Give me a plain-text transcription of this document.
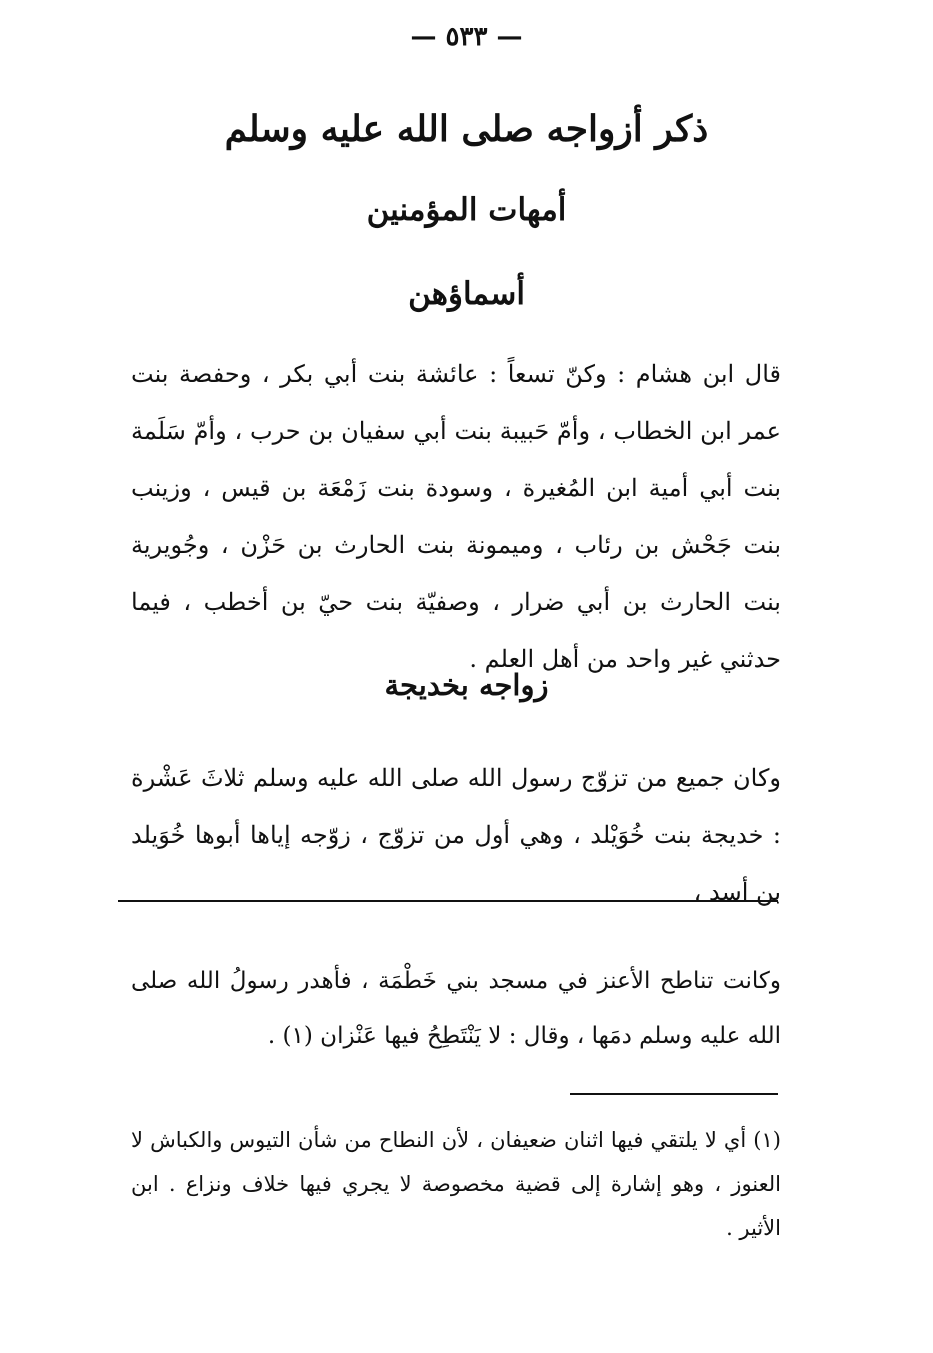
— ٥٣٣ —
ذكر أزواجه صلى الله عليه وسلم
أمهات المؤمنين
أسماؤهن
قال ابن هشام : وكنّ تسعاً : عائشة بنت أبي بكر ، وحفصة بنت عمر ابن الخطاب ، وأمّ حَبيبة بنت أبي سفيان بن حرب ، وأمّ سَلَمة بنت أبي أمية ابن المُغيرة ، وسودة بنت زَمْعَة بن قيس ، وزينب بنت جَحْش بن رئاب ، وميمونة بنت الحارث بن حَزْن ، وجُويرية بنت الحارث بن أبي ضرار ، وصفيّة بنت حيّ بن أخطب ، فيما حدثني غير واحد من أهل العلم .
زواجه بخديجة
وكان جميع من تزوّج رسول الله صلى الله عليه وسلم ثلاثَ عَشْرة : خديجة بنت خُوَيْلد ، وهي أول من تزوّج ، زوّجه إياها أبوها خُوَيلد بن أسد ،
وكانت تناطح الأعنز في مسجد بني خَطْمَة ، فأهدر رسولُ الله صلى الله عليه وسلم دمَها ، وقال : لا يَنْتَطِحُ فيها عَنْزان (١) .
(١) أي لا يلتقي فيها اثنان ضعيفان ، لأن النطاح من شأن التيوس والكباش لا العنوز ، وهو إشارة إلى قضية مخصوصة لا يجري فيها خلاف ونزاع . ابن الأثير .
